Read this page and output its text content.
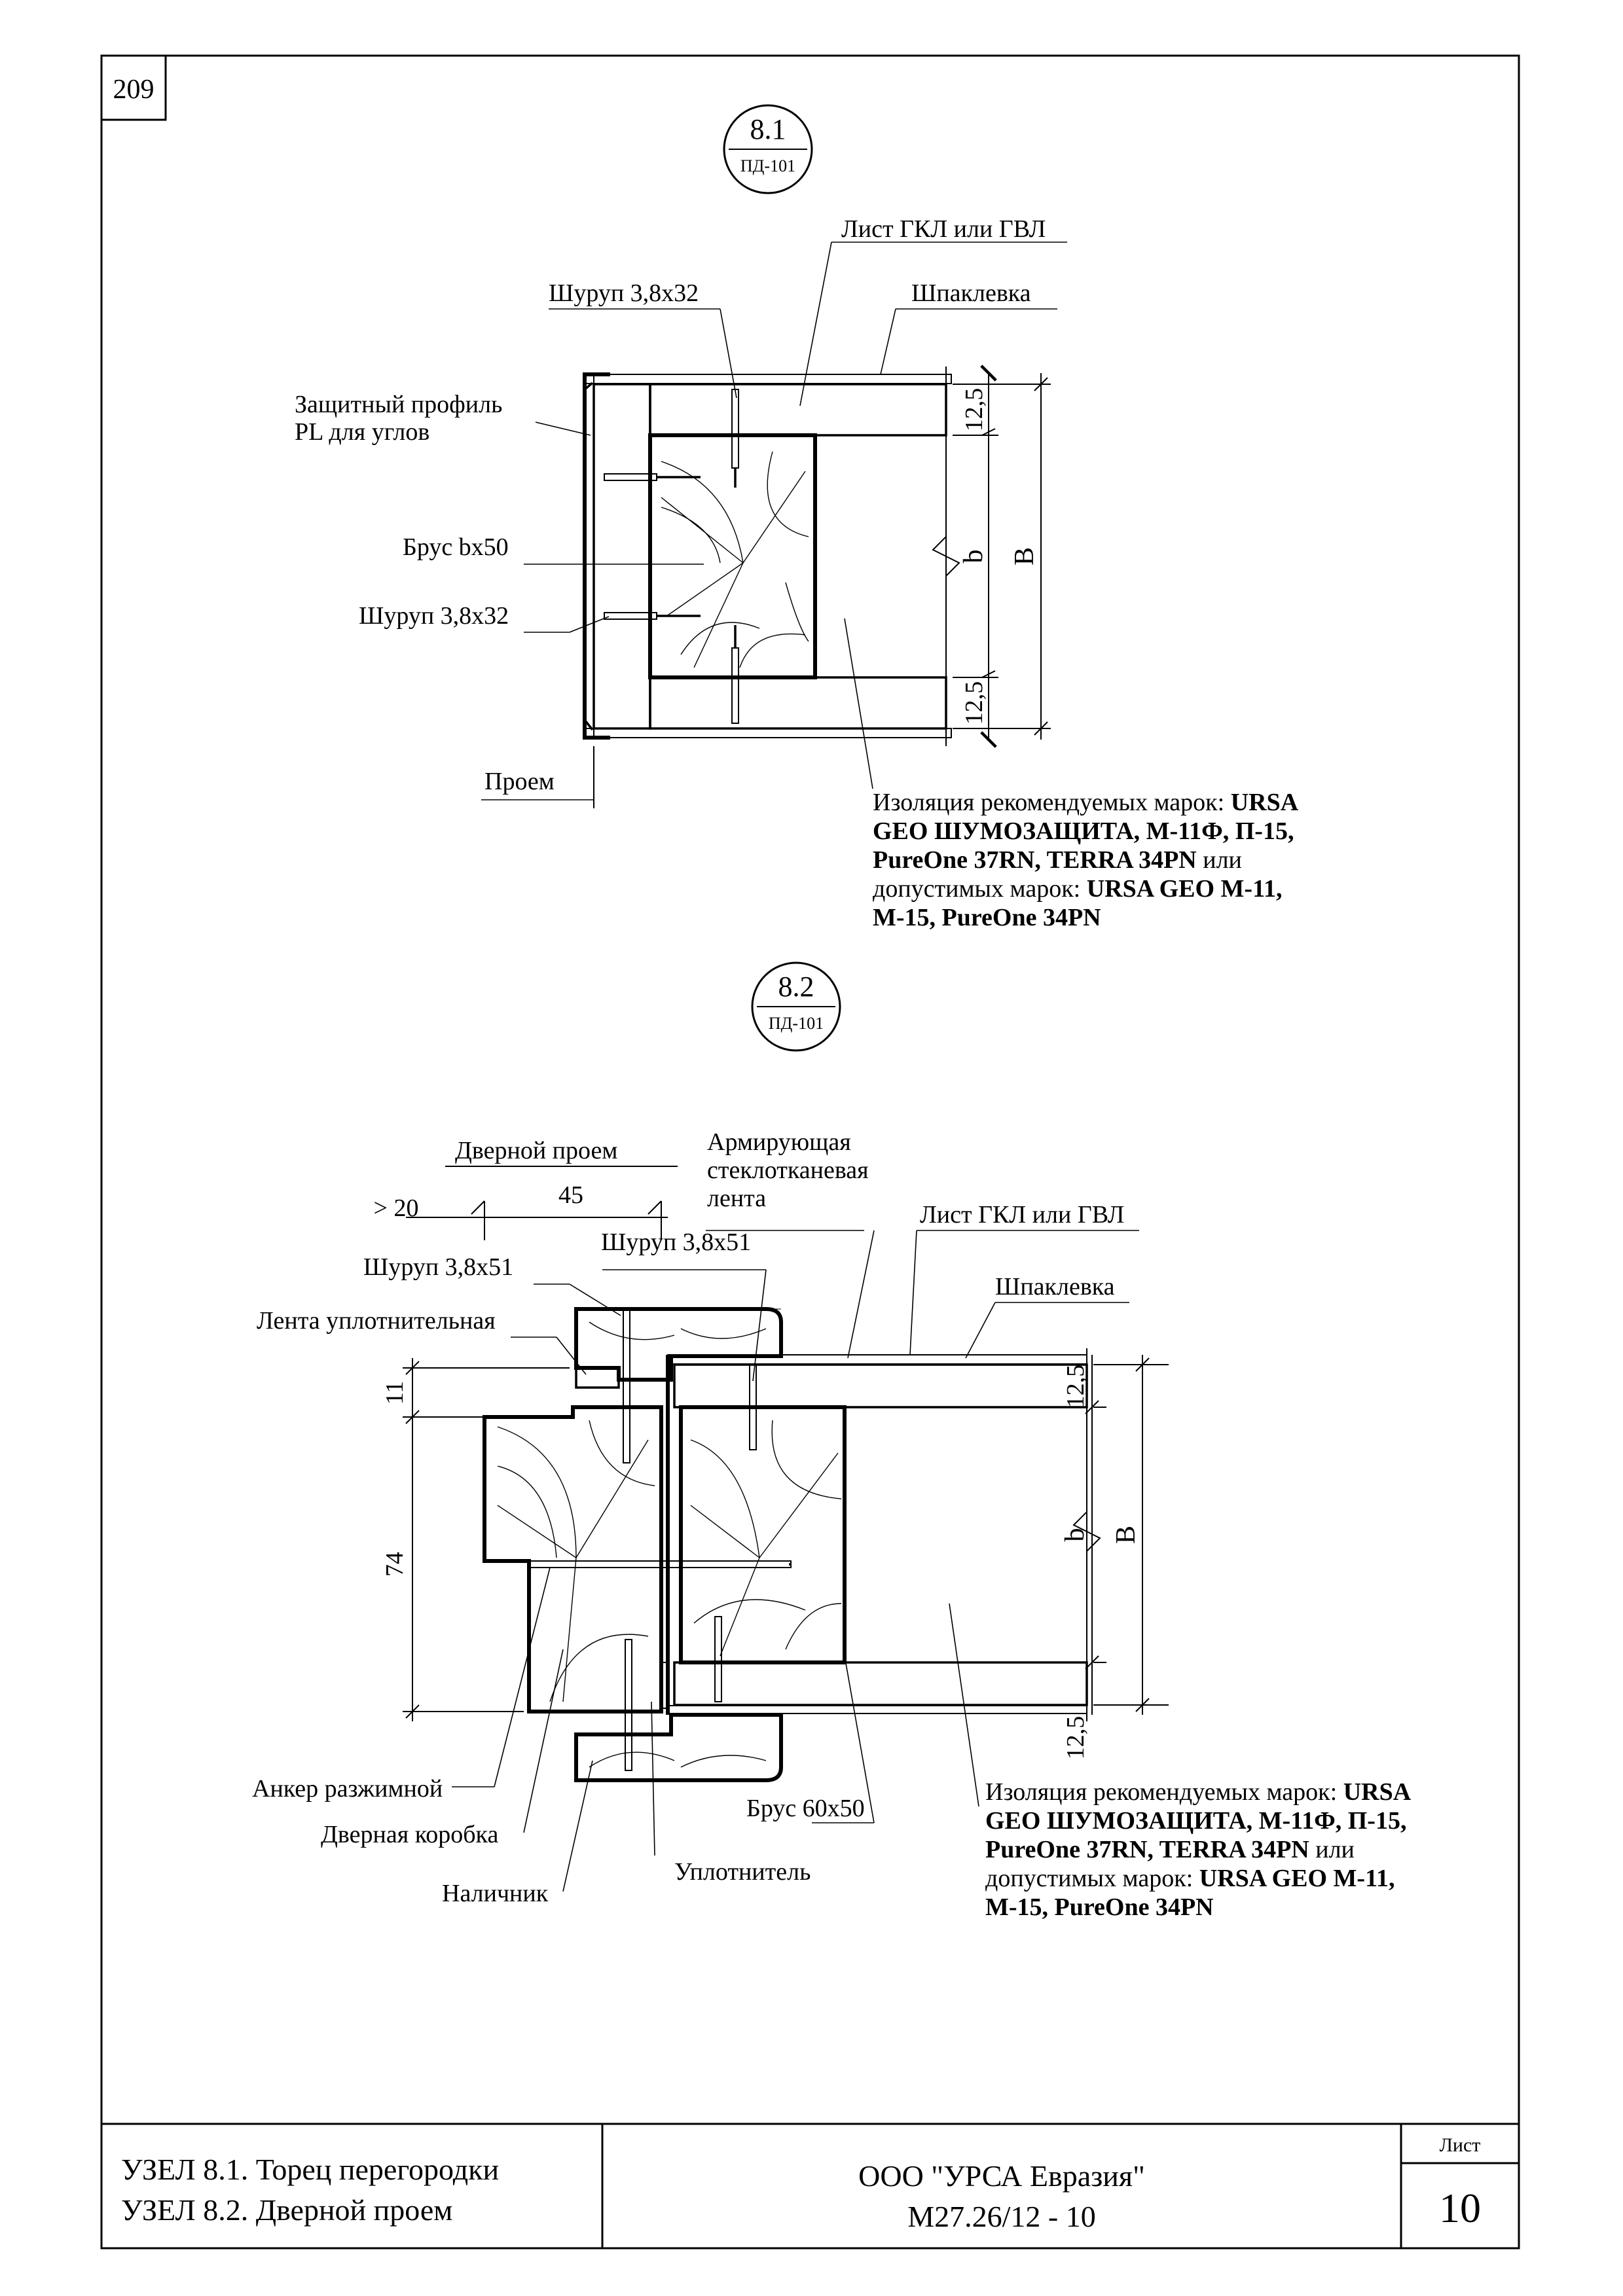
209
8.1
ПД-101
12,5
12,5
b B
Лист ГКЛ или ГВЛ
Шуруп 3,8х32	Шпаклевка
Защитный профиль
PL для углов
Брус bх50
Шуруп 3,8х32
Проем
Изоляция рекомендуемых марок: URSA
GEO ШУМОЗАЩИТА, М-11Ф, П-15,
PureOne 37RN, TERRA 34PN или
допустимых марок: URSA GEO М-11,
М-15, PureOne 34PN
8.2
ПД-101
> 20	45
11
74
12,5
12,5
b B
Дверной проем	Армирующая
стеклотканевая
лента
Лист ГКЛ или ГВЛ
Шуруп 3,8х51
Шуруп 3,8х51
Шпаклевка
Лента уплотнительная
Анкер разжимной
Дверная коробка
Наличник
Брус 60х50
Уплотнитель
Изоляция рекомендуемых марок: URSA
GEO ШУМОЗАЩИТА, М-11Ф, П-15,
PureOne 37RN, TERRA 34PN или
допустимых марок: URSA GEO М-11,
М-15, PureOne 34PN
УЗЕЛ 8.1. Торец перегородки
УЗЕЛ 8.2. Дверной проем
ООО "УРСА Евразия"
М27.26/12 - 10
Лист
10
